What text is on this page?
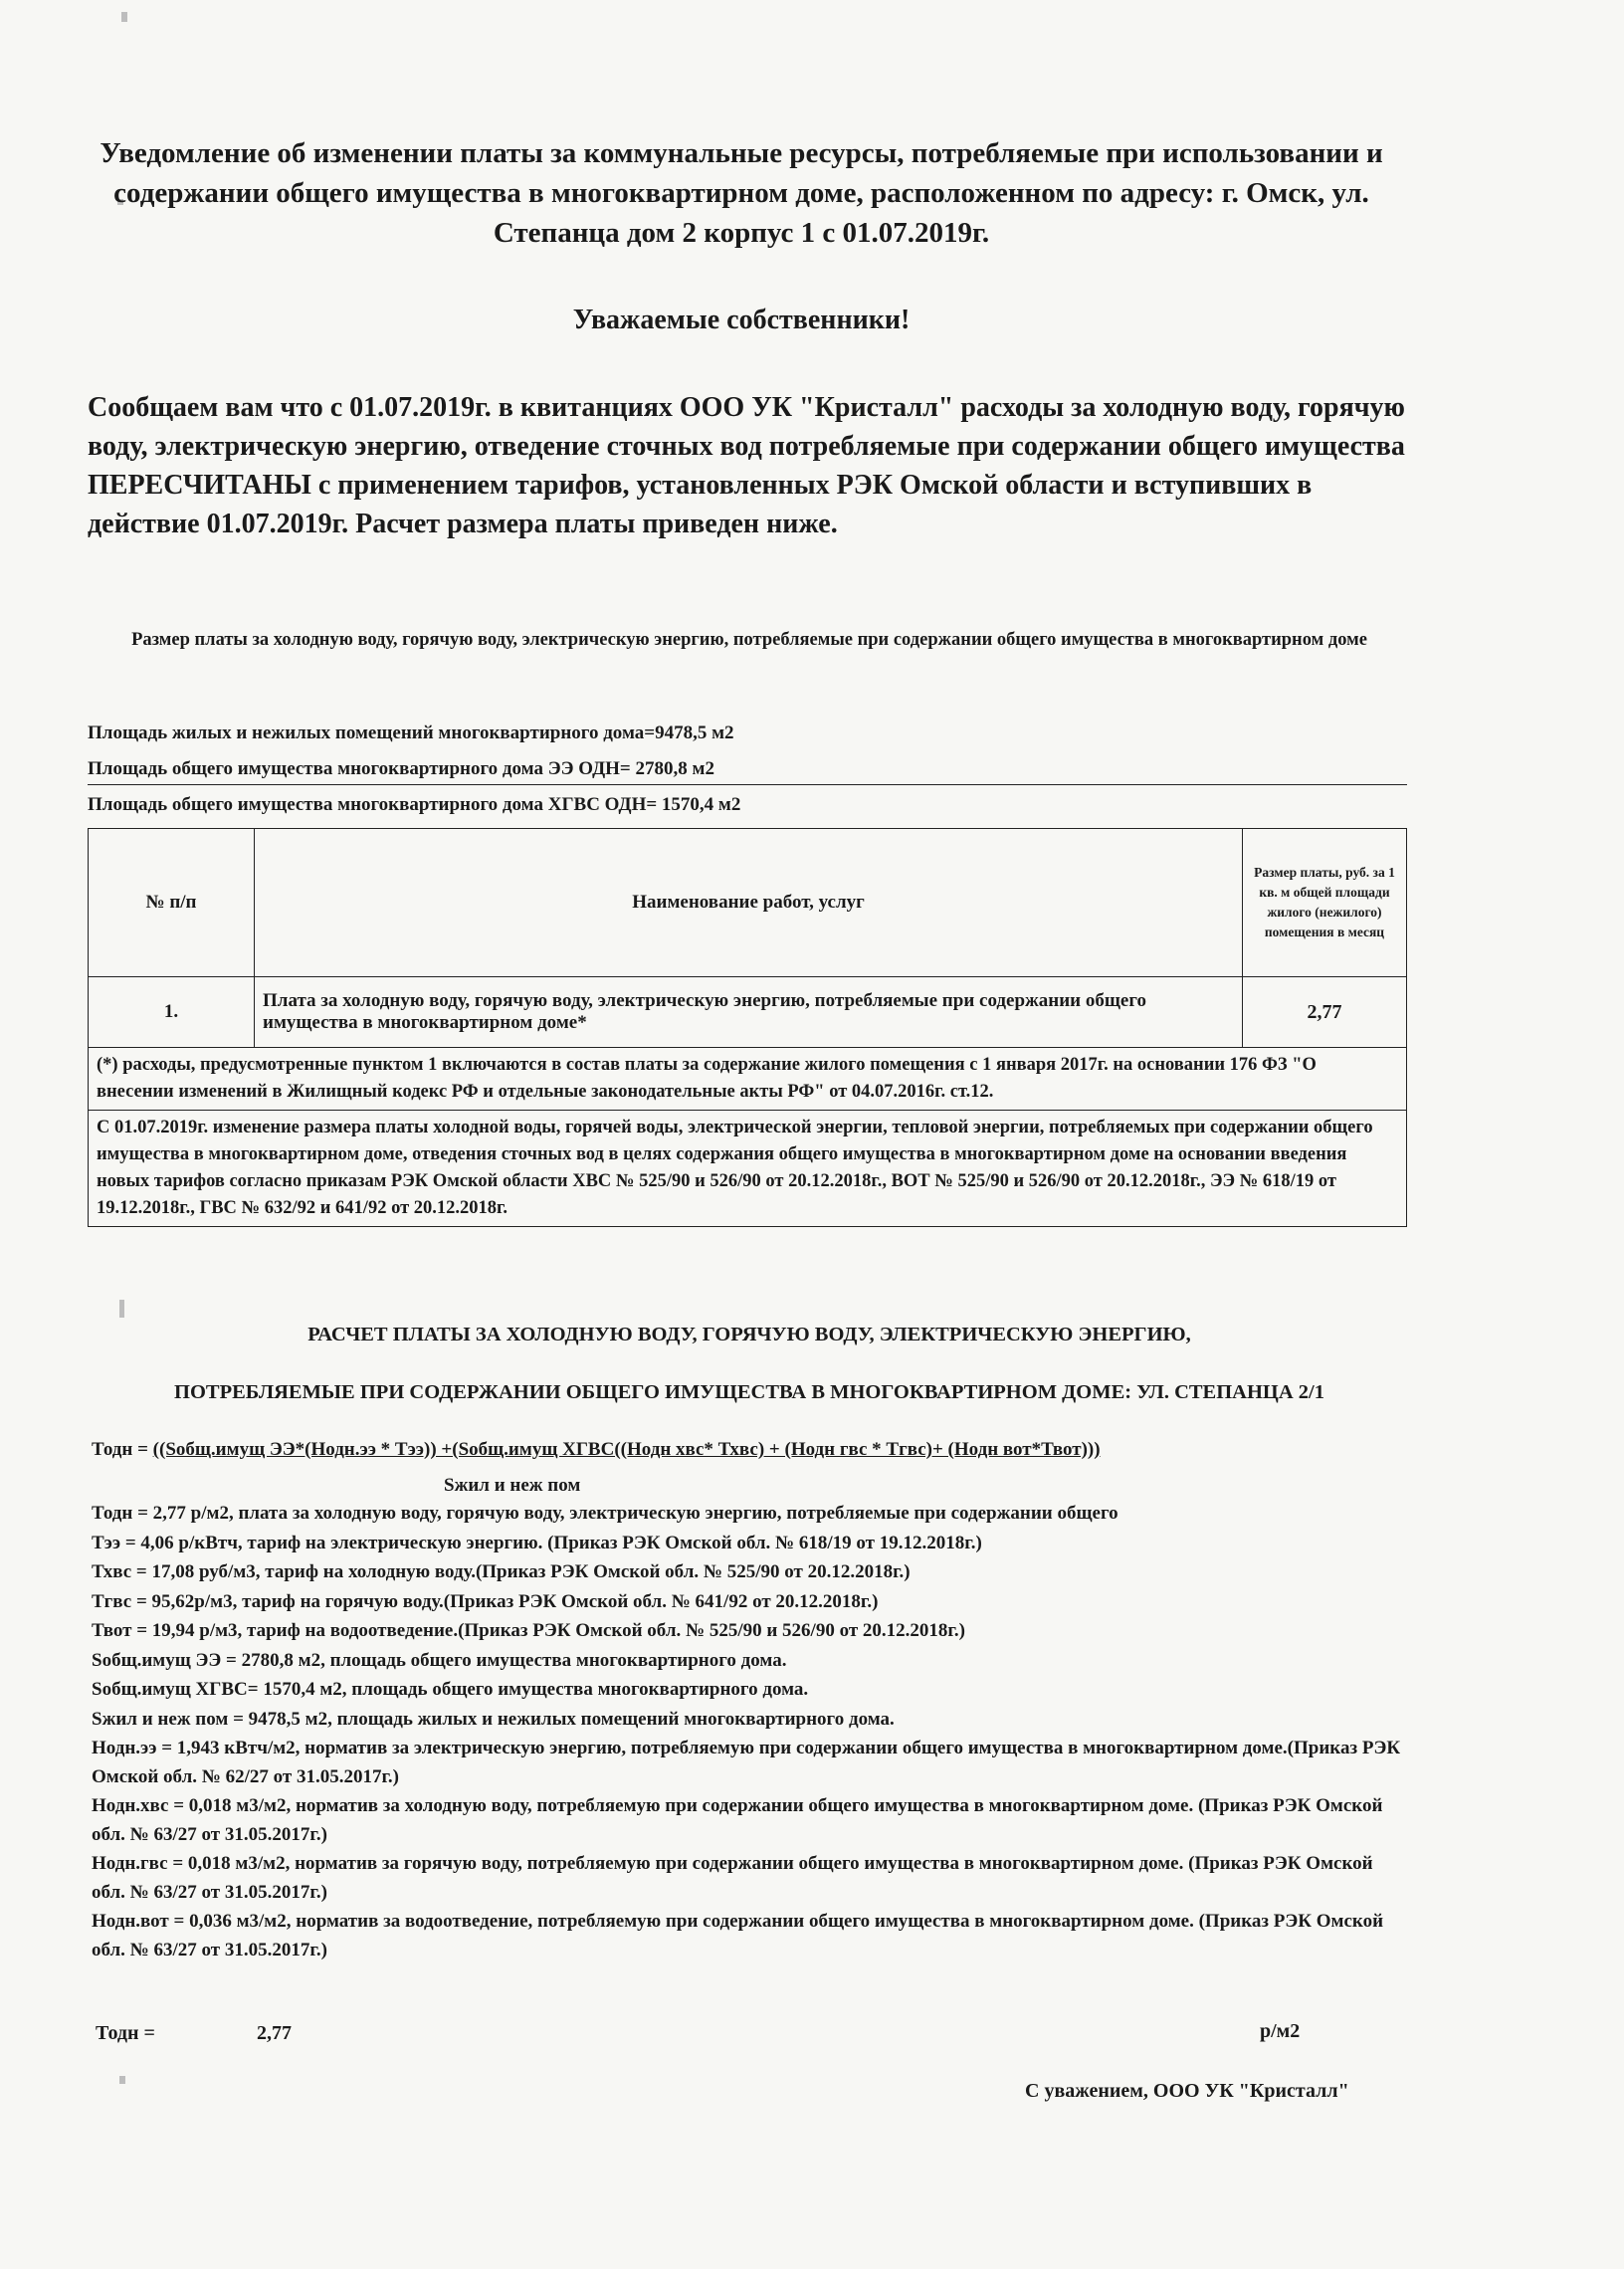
Уведомление об изменении платы за коммунальные ресурсы, потребляемые при использовании и содержании общего имущества в многоквартирном доме, расположенном по адресу: г. Омск, ул. Степанца дом 2 корпус 1 с 01.07.2019г.
Уважаемые собственники!
Сообщаем вам что с 01.07.2019г. в квитанциях ООО УК "Кристалл" расходы за холодную воду, горячую воду, электрическую энергию, отведение сточных вод потребляемые при содержании общего имущества ПЕРЕСЧИТАНЫ с применением тарифов, установленных РЭК Омской области и вступивших в действие 01.07.2019г. Расчет размера платы приведен ниже.
Размер платы за холодную воду, горячую воду, электрическую энергию, потребляемые при содержании общего имущества в многоквартирном доме
Площадь жилых и нежилых помещений многоквартирного дома=9478,5 м2
Площадь общего имущества многоквартирного дома ЭЭ ОДН= 2780,8 м2
Площадь общего имущества многоквартирного дома ХГВС ОДН= 1570,4 м2
№ п/п	Наименование работ, услуг	Размер платы, руб. за 1 кв. м общей площади жилого (нежилого) помещения в месяц
1.	Плата за холодную воду, горячую воду, электрическую энергию, потребляемые при содержании общего имущества в многоквартирном доме*	2,77
(*) расходы, предусмотренные пунктом 1 включаются в состав платы за содержание жилого помещения с 1 января 2017г. на основании 176 ФЗ "О внесении изменений в Жилищный кодекс РФ и отдельные законодательные акты РФ" от 04.07.2016г. ст.12.		
С 01.07.2019г. изменение размера платы холодной воды, горячей воды, электрической энергии, тепловой энергии, потребляемых при содержании общего имущества в многоквартирном доме, отведения сточных вод в целях содержания общего имущества в многоквартирном доме на основании введения новых тарифов согласно приказам РЭК Омской области ХВС № 525/90 и 526/90 от 20.12.2018г., ВОТ № 525/90 и 526/90 от 20.12.2018г., ЭЭ № 618/19 от 19.12.2018г., ГВС № 632/92 и 641/92 от 20.12.2018г.		
РАСЧЕТ ПЛАТЫ ЗА ХОЛОДНУЮ ВОДУ, ГОРЯЧУЮ ВОДУ, ЭЛЕКТРИЧЕСКУЮ ЭНЕРГИЮ,
ПОТРЕБЛЯЕМЫЕ ПРИ СОДЕРЖАНИИ ОБЩЕГО ИМУЩЕСТВА В МНОГОКВАРТИРНОМ ДОМЕ: УЛ. СТЕПАНЦА 2/1
Тодн = ((Sобщ.имущ ЭЭ*(Нодн.ээ * Тээ)) +(Sобщ.имущ ХГВС((Нодн хвс* Тхвс) + (Нодн гвс * Тгвс)+ (Нодн вот*Твот)))
Sжил и неж пом
Тодн = 2,77 р/м2, плата за холодную воду, горячую воду, электрическую энергию, потребляемые при содержании общего
Тээ = 4,06 р/кВтч, тариф на электрическую энергию. (Приказ РЭК Омской обл. № 618/19 от 19.12.2018г.)
Тхвс = 17,08 руб/м3, тариф на холодную воду.(Приказ РЭК Омской обл. № 525/90 от 20.12.2018г.)
Тгвс = 95,62р/м3, тариф на горячую воду.(Приказ РЭК Омской обл. № 641/92 от 20.12.2018г.)
Твот = 19,94 р/м3, тариф на водоотведение.(Приказ РЭК Омской обл. № 525/90 и 526/90 от 20.12.2018г.)
Sобщ.имущ ЭЭ = 2780,8 м2, площадь общего имущества многоквартирного дома.
Sобщ.имущ ХГВС= 1570,4 м2, площадь общего имущества многоквартирного дома.
Sжил и неж пом = 9478,5 м2, площадь жилых и нежилых помещений многоквартирного дома.
Нодн.ээ = 1,943 кВтч/м2, норматив за электрическую энергию, потребляемую при содержании общего имущества в многоквартирном доме.(Приказ РЭК Омской обл. № 62/27 от 31.05.2017г.)
Нодн.хвс = 0,018 м3/м2, норматив за холодную воду, потребляемую при содержании общего имущества в многоквартирном доме. (Приказ РЭК Омской обл. № 63/27 от 31.05.2017г.)
Нодн.гвс = 0,018 м3/м2, норматив за горячую воду, потребляемую при содержании общего имущества в многоквартирном доме. (Приказ РЭК Омской обл. № 63/27 от 31.05.2017г.)
Нодн.вот = 0,036 м3/м2, норматив за водоотведение, потребляемую при содержании общего имущества в многоквартирном доме. (Приказ РЭК Омской обл. № 63/27 от 31.05.2017г.)
Тодн =	2,77	р/м2
С уважением, ООО УК "Кристалл"
